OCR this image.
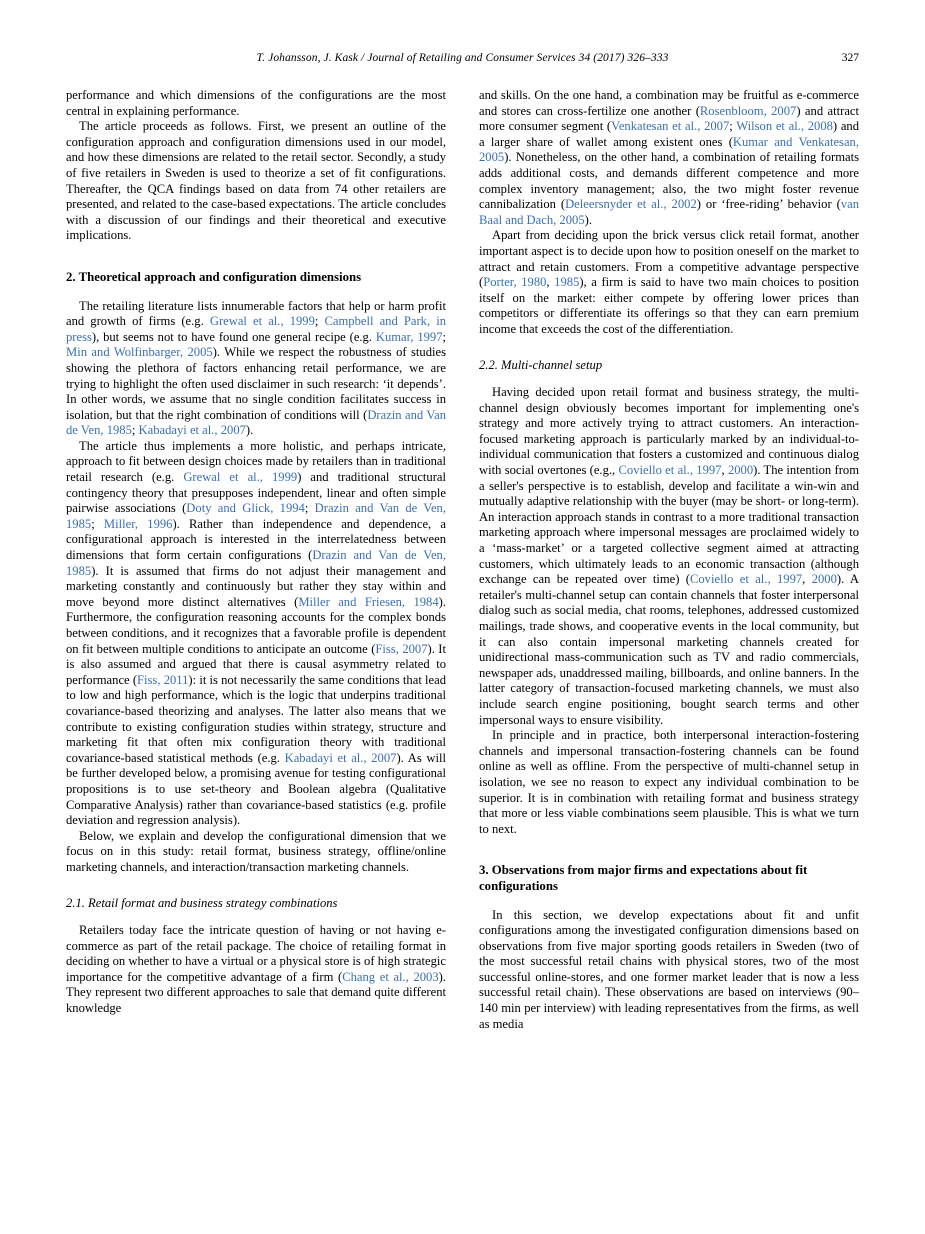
T. Johansson, J. Kask / Journal of Retailing and Consumer Services 34 (2017) 326–333	327

performance and which dimensions of the configurations are the most central in explaining performance.

The article proceeds as follows. First, we present an outline of the configuration approach and configuration dimensions used in our model, and how these dimensions are related to the retail sector. Secondly, a study of five retailers in Sweden is used to theorize a set of fit configurations. Thereafter, the QCA findings based on data from 74 other retailers are presented, and related to the case-based expectations. The article concludes with a discussion of our findings and their theoretical and executive implications.

2. Theoretical approach and configuration dimensions

The retailing literature lists innumerable factors that help or harm profit and growth of firms (e.g. Grewal et al., 1999; Campbell and Park, in press), but seems not to have found one general recipe (e.g. Kumar, 1997; Min and Wolfinbarger, 2005). While we respect the robustness of studies showing the plethora of factors enhancing retail performance, we are trying to highlight the often used disclaimer in such research: ‘it depends’. In other words, we assume that no single condition facilitates success in isolation, but that the right combination of conditions will (Drazin and Van de Ven, 1985; Kabadayi et al., 2007).

The article thus implements a more holistic, and perhaps intricate, approach to fit between design choices made by retailers than in traditional retail research (e.g. Grewal et al., 1999) and traditional structural contingency theory that presupposes independent, linear and often simple pairwise associations (Doty and Glick, 1994; Drazin and Van de Ven, 1985; Miller, 1996). Rather than independence and dependence, a configurational approach is interested in the interrelatedness between dimensions that form certain configurations (Drazin and Van de Ven, 1985). It is assumed that firms do not adjust their management and marketing constantly and continuously but rather they stay within and move beyond more distinct alternatives (Miller and Friesen, 1984). Furthermore, the configuration reasoning accounts for the complex bonds between conditions, and it recognizes that a favorable profile is dependent on fit between multiple conditions to anticipate an outcome (Fiss, 2007). It is also assumed and argued that there is causal asymmetry related to performance (Fiss, 2011): it is not necessarily the same conditions that lead to low and high performance, which is the logic that underpins traditional covariance-based theorizing and analyses. The latter also means that we contribute to existing configuration studies within strategy, structure and marketing fit that often mix configuration theory with traditional covariance-based statistical methods (e.g. Kabadayi et al., 2007). As will be further developed below, a promising avenue for testing configurational propositions is to use set-theory and Boolean algebra (Qualitative Comparative Analysis) rather than covariance-based statistics (e.g. profile deviation and regression analysis).

Below, we explain and develop the configurational dimension that we focus on in this study: retail format, business strategy, offline/online marketing channels, and interaction/transaction marketing channels.

2.1. Retail format and business strategy combinations

Retailers today face the intricate question of having or not having e-commerce as part of the retail package. The choice of retailing format in deciding on whether to have a virtual or a physical store is of high strategic importance for the competitive advantage of a firm (Chang et al., 2003). They represent two different approaches to sale that demand quite different knowledge

and skills. On the one hand, a combination may be fruitful as e-commerce and stores can cross-fertilize one another (Rosenbloom, 2007) and attract more consumer segment (Venkatesan et al., 2007; Wilson et al., 2008) and a larger share of wallet among existent ones (Kumar and Venkatesan, 2005). Nonetheless, on the other hand, a combination of retailing formats adds additional costs, and demands different competence and more complex inventory management; also, the two might foster revenue cannibalization (Deleersnyder et al., 2002) or ‘free-riding’ behavior (van Baal and Dach, 2005).

Apart from deciding upon the brick versus click retail format, another important aspect is to decide upon how to position oneself on the market to attract and retain customers. From a competitive advantage perspective (Porter, 1980, 1985), a firm is said to have two main choices to position itself on the market: either compete by offering lower prices than competitors or differentiate its offerings so that they can earn premium income that exceeds the cost of the differentiation.

2.2. Multi-channel setup

Having decided upon retail format and business strategy, the multi-channel design obviously becomes important for implementing one's strategy and more actively trying to attract customers. An interaction-focused marketing approach is particularly marked by an individual-to-individual communication that fosters a customized and continuous dialog with social overtones (e.g., Coviello et al., 1997, 2000). The intention from a seller's perspective is to establish, develop and facilitate a win-win and mutually adaptive relationship with the buyer (may be short- or long-term). An interaction approach stands in contrast to a more traditional transaction marketing approach where impersonal messages are proclaimed widely to a ‘mass-market’ or a targeted collective segment aimed at attracting customers, which ultimately leads to an economic transaction (although exchange can be repeated over time) (Coviello et al., 1997, 2000). A retailer's multi-channel setup can contain channels that foster interpersonal dialog such as social media, chat rooms, telephones, addressed customized mailings, trade shows, and cooperative events in the local community, but it can also contain impersonal marketing channels created for unidirectional mass-communication such as TV and radio commercials, newspaper ads, unaddressed mailing, billboards, and online banners. In the latter category of transaction-focused marketing channels, we must also include search engine positioning, bought search terms and other impersonal ways to ensure visibility.

In principle and in practice, both interpersonal interaction-fostering channels and impersonal transaction-fostering channels can be found online as well as offline. From the perspective of multi-channel setup in isolation, we see no reason to expect any individual combination to be superior. It is in combination with retailing format and business strategy that more or less viable combinations seem plausible. This is what we turn to next.

3. Observations from major firms and expectations about fit configurations

In this section, we develop expectations about fit and unfit configurations among the investigated configuration dimensions based on observations from five major sporting goods retailers in Sweden (two of the most successful retail chains with physical stores, two of the most successful online-stores, and one former market leader that is now a less successful retail chain). These observations are based on interviews (90–140 min per interview) with leading representatives from the firms, as well as media
